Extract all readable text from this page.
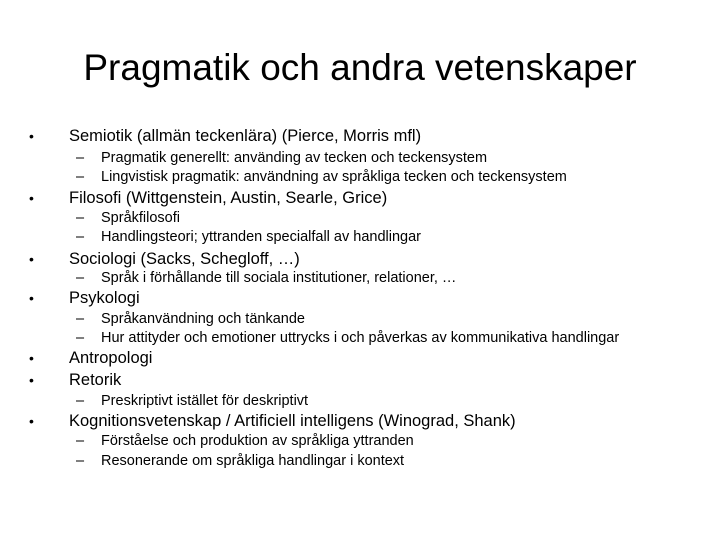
Pragmatik och andra vetenskaper
• Semiotik (allmän teckenlära) (Pierce, Morris mfl)
– Pragmatik generellt: använding av tecken och teckensystem
– Lingvistisk pragmatik: användning av språkliga tecken och teckensystem
• Filosofi (Wittgenstein, Austin, Searle, Grice)
– Språkfilosofi
– Handlingsteori; yttranden specialfall av handlingar
• Sociologi (Sacks, Schegloff, …)
– Språk i förhållande till sociala institutioner, relationer, …
• Psykologi
– Språkanvändning och tänkande
– Hur attityder och emotioner uttrycks i och påverkas av kommunikativa handlingar
• Antropologi
• Retorik
– Preskriptivt istället för deskriptivt
• Kognitionsvetenskap / Artificiell intelligens (Winograd, Shank)
– Förståelse och produktion av språkliga yttranden
– Resonerande om språkliga handlingar i kontext
